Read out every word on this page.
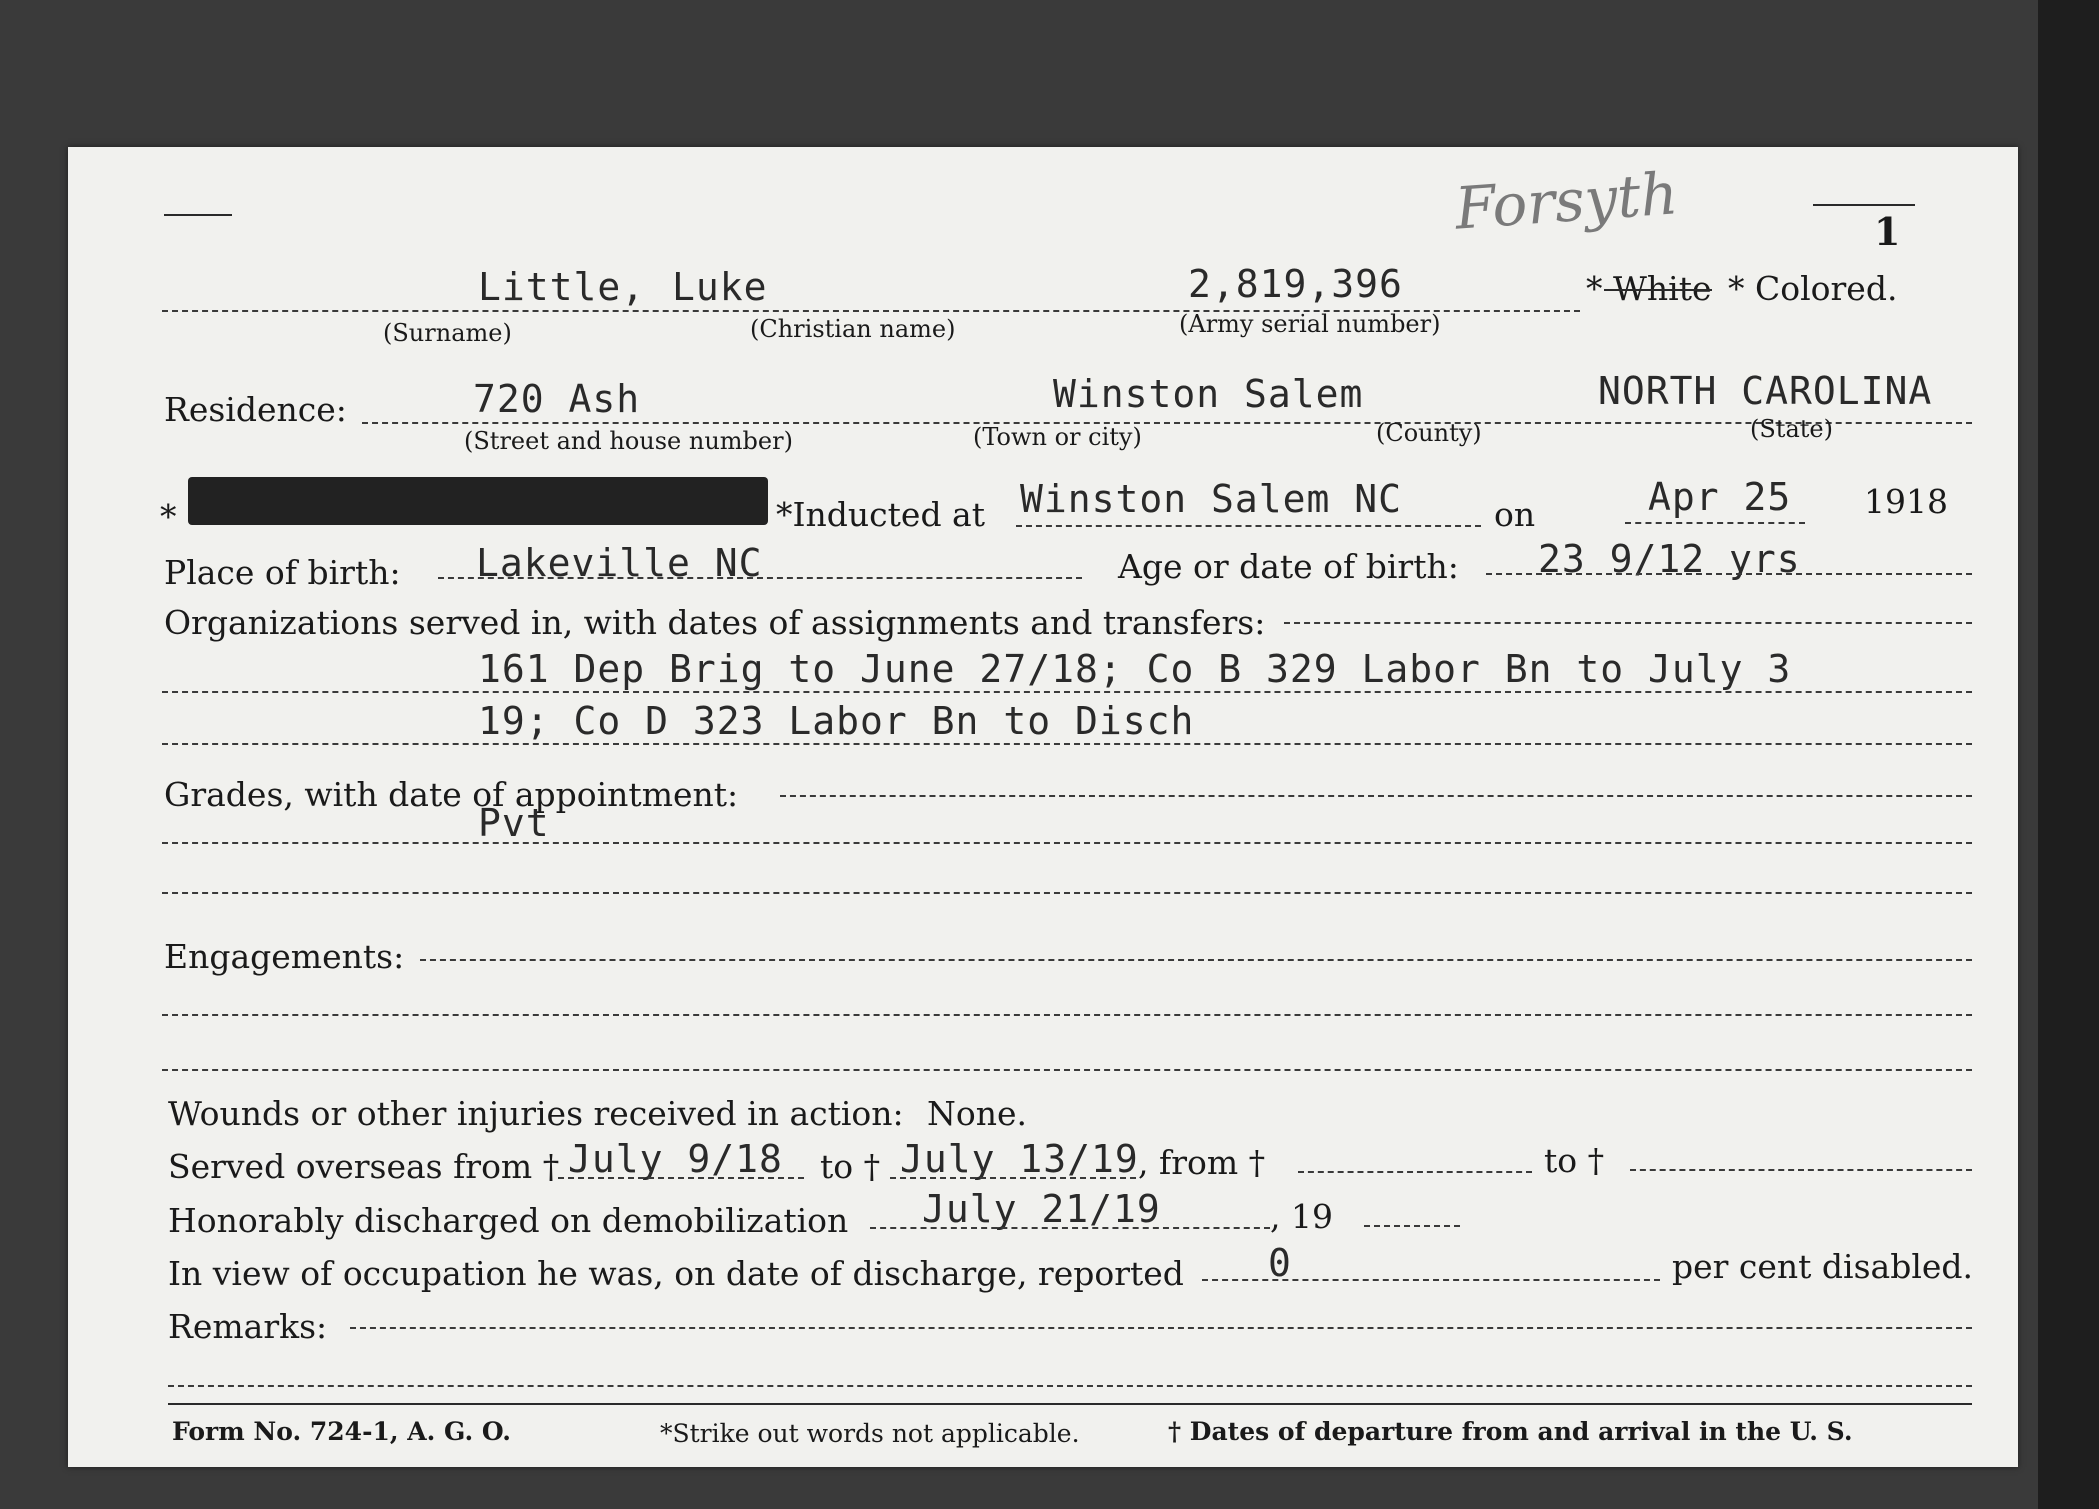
Forsyth	1
Little, Luke	2,819,396	* White * Colored.
(Surname)	(Christian name)	(Army serial number)
Residence:	720 Ash	Winston Salem	NORTH CAROLINA
(Street and house number)	(Town or city)	(County)	(State)
*	*Inducted at Winston Salem NC	on	Apr 25 1918
Place of birth: Lakeville NC	Age or date of birth: 23 9/12 yrs
Organizations served in, with dates of assignments and transfers:
161 Dep Brig to June 27/18; Co B 329 Labor Bn to July 3
19; Co D 323 Labor Bn to Disch
Grades, with date of appointment:
Pvt
Engagements:
Wounds or other injuries received in action: None.
Served overseas from † July 9/18 to † July 13/19 , from †	to †
Honorably discharged on demobilization July 21/19	, 19
In view of occupation he was, on date of discharge, reported 0	per cent disabled.
Remarks:
Form No. 724-1, A. G. O.	*Strike out words not applicable.	† Dates of departure from and arrival in the U. S.
